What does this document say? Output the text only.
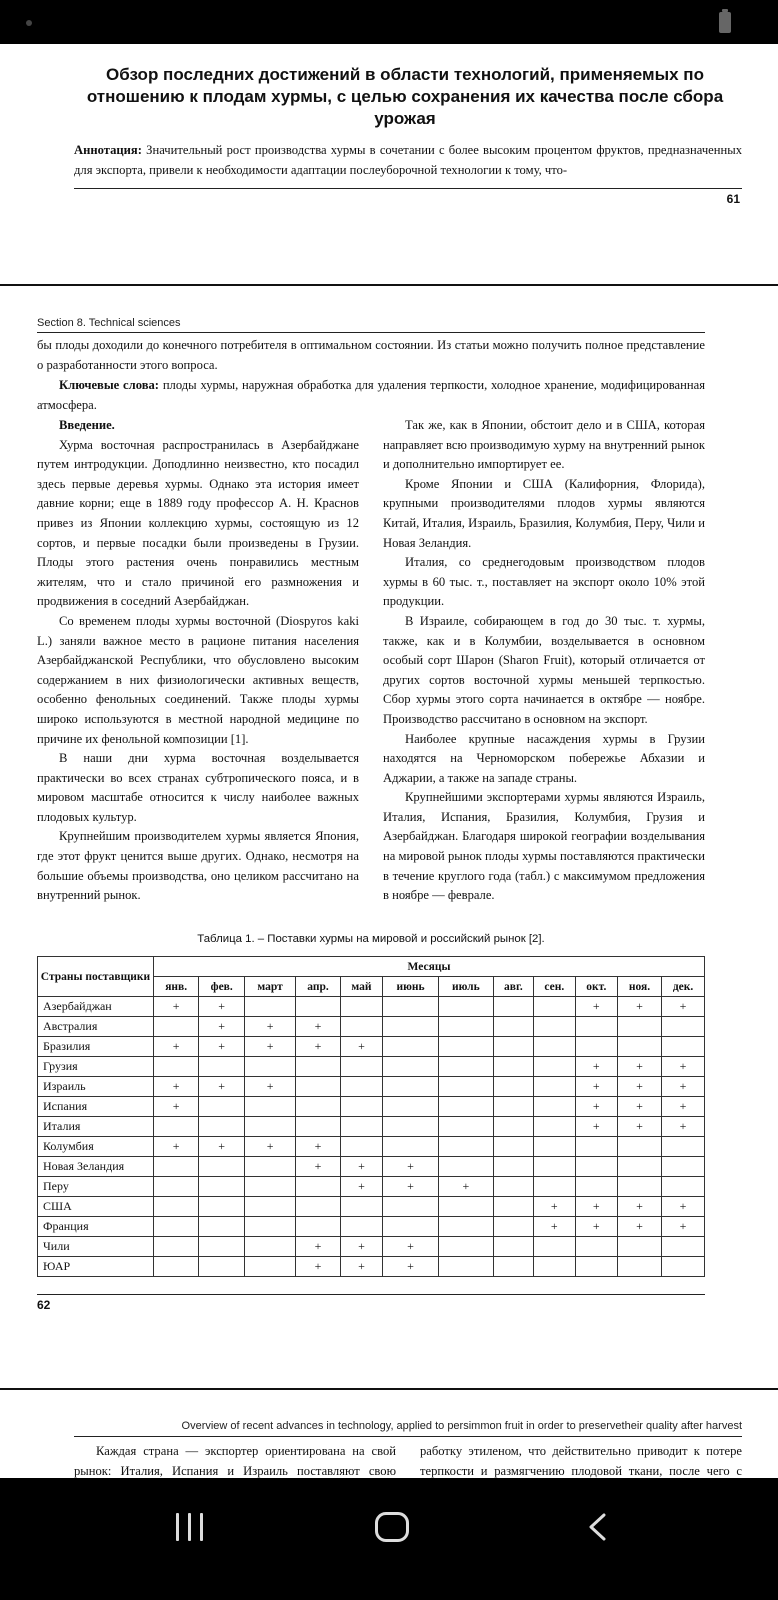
Обзор последних достижений в области технологий, применяемых по отношению к плодам хурмы, с целью сохранения их качества после сбора урожая
Аннотация: Значительный рост производства хурмы в сочетании с более высоким процентом фруктов, предназначенных для экспорта, привели к необходимости адаптации послеуборочной технологии к тому, что-
61
Section 8. Technical sciences

бы плоды доходили до конечного потребителя в оптимальном состоянии. Из статьи можно получить полное представление о разработанности этого вопроса.

Ключевые слова: плоды хурмы, наружная обработка для удаления терпкости, холодное хранение, модифицированная атмосфера.

Введение.

Хурма восточная распространилась в Азербайджане путем интродукции. Доподлинно неизвестно, кто посадил здесь первые деревья хурмы. Однако эта история имеет давние корни; еще в 1889 году профессор А. Н. Краснов привез из Японии коллекцию хурмы, состоящую из 12 сортов, и первые посадки были произведены в Грузии. Плоды этого растения очень понравились местным жителям, что и стало причиной его размножения и продвижения в соседний Азербайджан.

Со временем плоды хурмы восточной (Diospyros kaki L.) заняли важное место в рационе питания населения Азербайджанской Республики, что обусловлено высоким содержанием в них физиологически активных веществ, особенно фенольных соединений. Также плоды хурмы широко используются в местной народной медицине по причине их фенольной композиции [1].

В наши дни хурма восточная возделывается практически во всех странах субтропического пояса, и в мировом масштабе относится к числу наиболее важных плодовых культур.

Крупнейшим производителем хурмы является Япония, где этот фрукт ценится выше других. Однако, несмотря на большие объемы производства, оно целиком рассчитано на внутренний рынок.

Так же, как в Японии, обстоит дело и в США, которая направляет всю производимую хурму на внутренний рынок и дополнительно импортирует ее.

Кроме Японии и США (Калифорния, Флорида), крупными производителями плодов хурмы являются Китай, Италия, Израиль, Бразилия, Колумбия, Перу, Чили и Новая Зеландия.

Италия, со среднегодовым производством плодов хурмы в 60 тыс. т., поставляет на экспорт около 10% этой продукции.

В Израиле, собирающем в год до 30 тыс. т. хурмы, также, как и в Колумбии, возделывается в основном особый сорт Шарон (Sharon Fruit), который отличается от других сортов восточной хурмы меньшей терпкостью. Сбор хурмы этого сорта начинается в октябре — ноябре. Производство рассчитано в основном на экспорт.

Наиболее крупные насаждения хурмы в Грузии находятся на Черноморском побережье Абхазии и Аджарии, а также на западе страны.

Крупнейшими экспортерами хурмы являются Израиль, Италия, Испания, Бразилия, Колумбия, Грузия и Азербайджан. Благодаря широкой географии возделывания на мировой рынок плоды хурмы поставляются практически в течение круглого года (табл.) с максимумом предложения в ноябре — феврале.

Таблица 1. – Поставки хурмы на мировой и российский рынок [2].
Страны поставщики	Месяцы											
	янв.	фев.	март	апр.	май	июнь	июль	авг.	сен.	окт.	ноя.	дек.
Азербайджан	+	+								+	+	+
Австралия		+	+	+								
Бразилия	+	+	+	+	+							
Грузия										+	+	+
Израиль	+	+	+							+	+	+
Испания	+									+	+	+
Италия										+	+	+
Колумбия	+	+	+	+								
Новая Зеландия				+	+	+						
Перу					+	+	+					
США									+	+	+	+
Франция									+	+	+	+
Чили				+	+	+						
ЮАР				+	+	+						
62
Overview of recent advances in technology, applied to persimmon fruit in order to preservetheir quality after harvest

Каждая страна — экспортер ориентирована на свой рынок: Италия, Испания и Израиль поставляют свою

работку этиленом, что действительно приводит к потере терпкости и размягчению плодовой ткани, после чего с
